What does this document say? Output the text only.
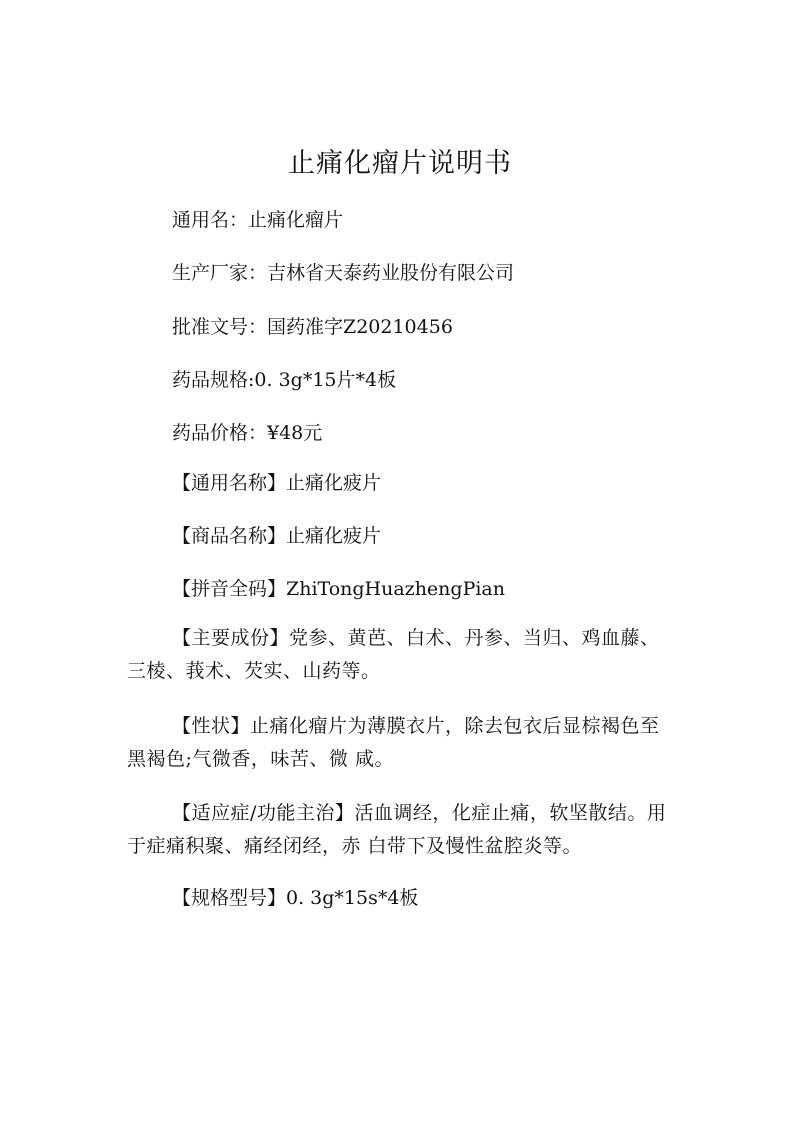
止痛化瘤片说明书
通用名：止痛化瘤片
生产厂家：吉林省天泰药业股份有限公司
批准文号：国药准字Z20210456
药品规格:0. 3g*15片*4板
药品价格：¥48元
【通用名称】止痛化疲片
【商品名称】止痛化疲片
【拼音全码】ZhiTongHuazhengPian
【主要成份】党参、黄芭、白术、丹参、当归、鸡血藤、三棱、莪术、芡实、山药等。
【性状】止痛化瘤片为薄膜衣片，除去包衣后显棕褐色至黑褐色;气微香，味苦、微 咸。
【适应症/功能主治】活血调经，化症止痛，软坚散结。用于症痛积聚、痛经闭经，赤 白带下及慢性盆腔炎等。
【规格型号】0. 3g*15s*4板
